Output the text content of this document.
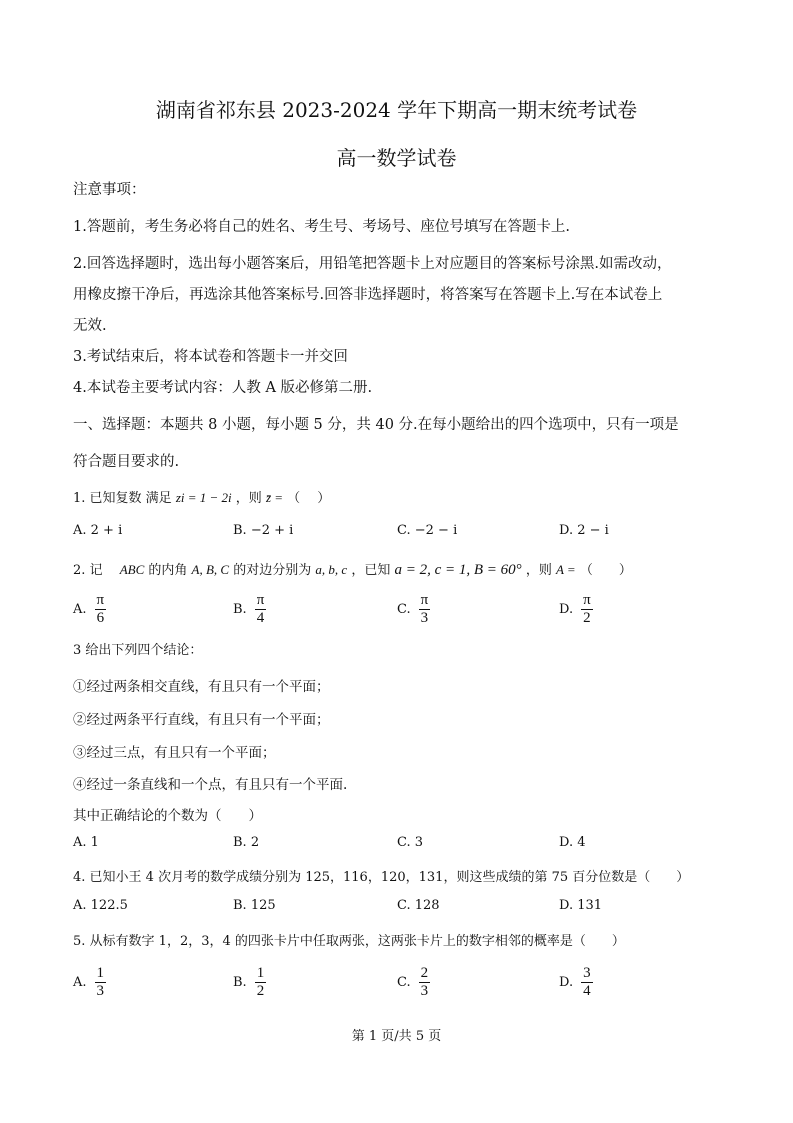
湖南省祁东县 2023-2024 学年下期高一期末统考试卷
高一数学试卷
注意事项：
1.答题前，考生务必将自己的姓名、考生号、考场号、座位号填写在答题卡上.
2.回答选择题时，选出每小题答案后，用铅笔把答题卡上对应题目的答案标号涂黑.如需改动，
用橡皮擦干净后，再选涂其他答案标号.回答非选择题时，将答案写在答题卡上.写在本试卷上
无效.
3.考试结束后，将本试卷和答题卡一并交回
4.本试卷主要考试内容：人教 A 版必修第二册.
一、选择题：本题共 8 小题，每小题 5 分，共 40 分.在每小题给出的四个选项中，只有一项是
符合题目要求的.
1. 已知复数 满足 zi = 1 − 2i ，则 z̄ = （　 ）
A. 2 + i	B. −2 + i	C. −2 − i	D. 2 − i
2. 记　 ABC 的内角 A, B, C 的对边分别为 a, b, c ，已知 a = 2, c = 1, B = 60° ，则 A = （　　）
A. $\frac{\pi}{6}$	B. $\frac{\pi}{4}$	C. $\frac{\pi}{3}$	D. $\frac{\pi}{2}$
3 给出下列四个结论：
①经过两条相交直线，有且只有一个平面；
②经过两条平行直线，有且只有一个平面；
③经过三点，有且只有一个平面；
④经过一条直线和一个点，有且只有一个平面.
其中正确结论的个数为（　　）
A. 1	B. 2	C. 3	D. 4
4. 已知小王 4 次月考的数学成绩分别为 125，116，120，131，则这些成绩的第 75 百分位数是（　　）
A. 122.5	B. 125	C. 128	D. 131
5. 从标有数字 1，2，3，4 的四张卡片中任取两张，这两张卡片上的数字相邻的概率是（　　）
A. $\frac{1}{3}$	B. $\frac{1}{2}$	C. $\frac{2}{3}$	D. $\frac{3}{4}$
第 1 页/共 5 页
